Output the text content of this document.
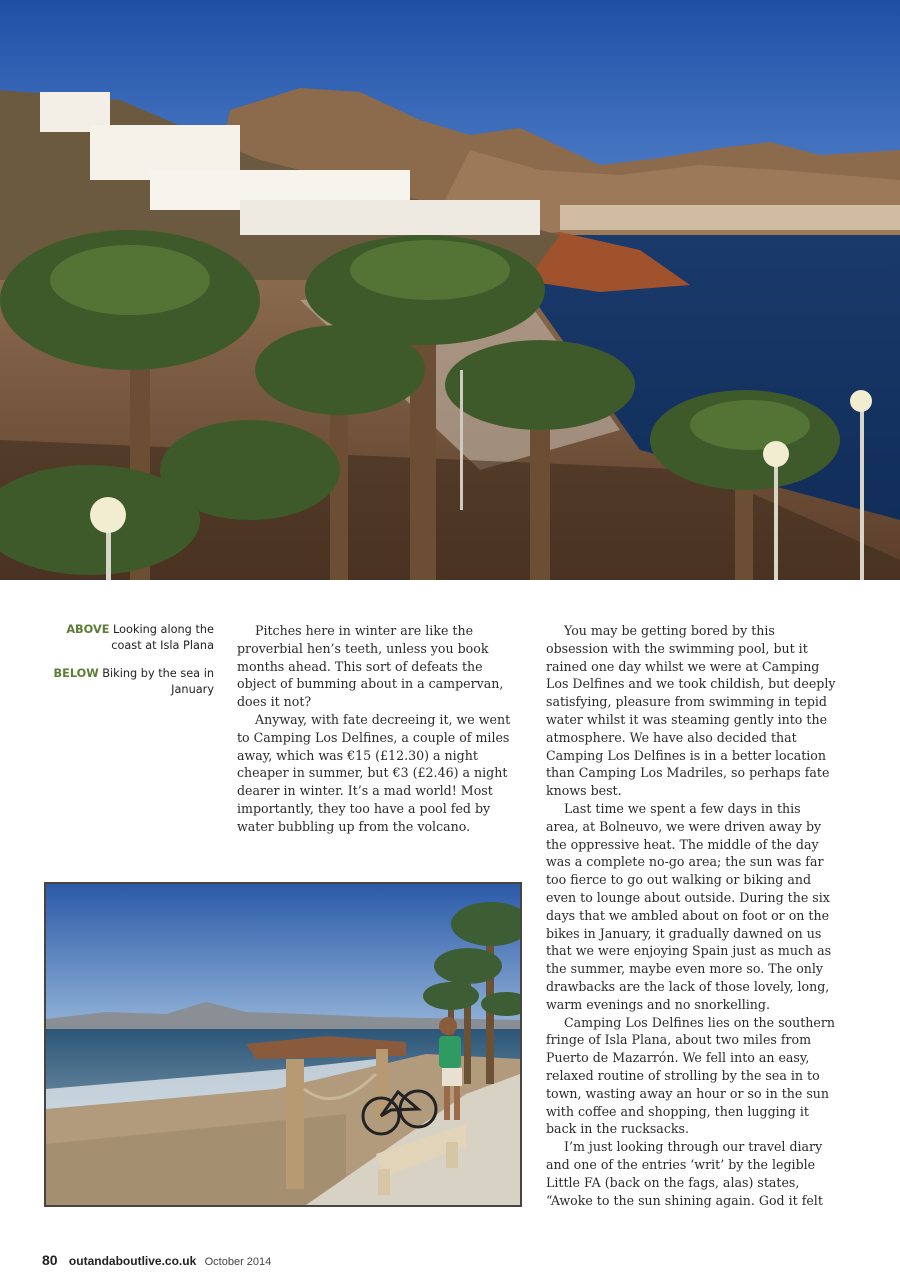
ABOVE Looking along the coast at Isla Plana
BELOW Biking by the sea in January

Pitches here in winter are like the proverbial hen’s teeth, unless you book months ahead. This sort of defeats the object of bumming about in a campervan, does it not?

Anyway, with fate decreeing it, we went to Camping Los Delfines, a couple of miles away, which was €15 (£12.30) a night cheaper in summer, but €3 (£2.46) a night dearer in winter. It’s a mad world! Most importantly, they too have a pool fed by water bubbling up from the volcano.

You may be getting bored by this obsession with the swimming pool, but it rained one day whilst we were at Camping Los Delfines and we took childish, but deeply satisfying, pleasure from swimming in tepid water whilst it was steaming gently into the atmosphere. We have also decided that Camping Los Delfines is in a better location than Camping Los Madriles, so perhaps fate knows best.

Last time we spent a few days in this area, at Bolneuvo, we were driven away by the oppressive heat. The middle of the day was a complete no-go area; the sun was far too fierce to go out walking or biking and even to lounge about outside. During the six days that we ambled about on foot or on the bikes in January, it gradually dawned on us that we were enjoying Spain just as much as the summer, maybe even more so. The only drawbacks are the lack of those lovely, long, warm evenings and no snorkelling.

Camping Los Delfines lies on the southern fringe of Isla Plana, about two miles from Puerto de Mazarrón. We fell into an easy, relaxed routine of strolling by the sea in to town, wasting away an hour or so in the sun with coffee and shopping, then lugging it back in the rucksacks.

I’m just looking through our travel diary and one of the entries ‘writ’ by the legible Little FA (back on the fags, alas) states, “Awoke to the sun shining again. God it felt

80 outandaboutlive.co.uk October 2014
